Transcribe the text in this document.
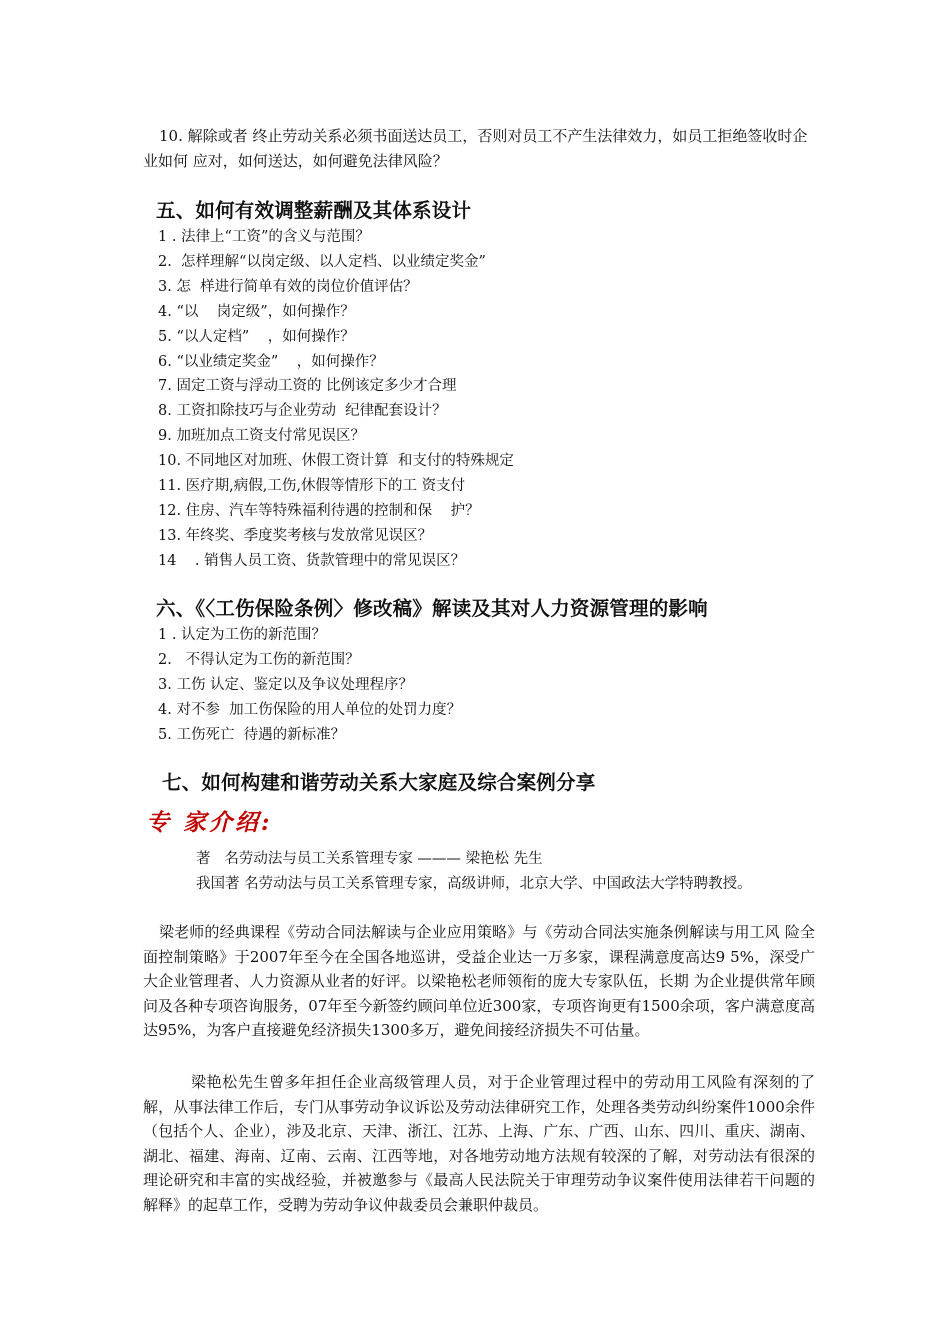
10. 解除或者 终止劳动关系必须书面送达员工，否则对员工不产生法律效力，如员工拒绝签收时企业如何 应对，如何送达，如何避免法律风险？

五、如何有效调整薪酬及其体系设计
1 . 法律上“工资”的含义与范围？
2.  怎样理解“以岗定级、以人定档、以业绩定奖金”
3. 怎  样进行简单有效的岗位价值评估？
4. “以    岗定级”，如何操作？
5. “以人定档”    ，如何操作？
6. “以业绩定奖金”    ，如何操作？
7. 固定工资与浮动工资的 比例该定多少才合理
8. 工资扣除技巧与企业劳动  纪律配套设计？
9. 加班加点工资支付常见误区？
10. 不同地区对加班、休假工资计算  和支付的特殊规定
11. 医疗期,病假,工伤,休假等情形下的工 资支付
12. 住房、汽车等特殊福利待遇的控制和保    护？
13. 年终奖、季度奖考核与发放常见误区？
14    . 销售人员工资、货款管理中的常见误区？
六、《〈工伤保险条例〉修改稿》解读及其对人力资源管理的影响
1 . 认定为工伤的新范围？
2.   不得认定为工伤的新范围？
3. 工伤 认定、鉴定以及争议处理程序？
4. 对不参  加工伤保险的用人单位的处罚力度？
5. 工伤死亡  待遇的新标准？
七、如何构建和谐劳动关系大家庭及综合案例分享
专 家介绍:

著   名劳动法与员工关系管理专家 ——— 梁艳松 先生

我国著 名劳动法与员工关系管理专家，高级讲师，北京大学、中国政法大学特聘教授。

梁老师的经典课程《劳动合同法解读与企业应用策略》与《劳动合同法实施条例解读与用工风 险全面控制策略》于2007年至今在全国各地巡讲，受益企业达一万多家，课程满意度高达9 5%，深受广大企业管理者、人力资源从业者的好评。以梁艳松老师领衔的庞大专家队伍，长期 为企业提供常年顾问及各种专项咨询服务，07年至今新签约顾问单位近300家，专项咨询更有1500余项，客户满意度高达95%，为客户直接避免经济损失1300多万，避免间接经济损失不可估量。

梁艳松先生曾多年担任企业高级管理人员，对于企业管理过程中的劳动用工风险有深刻的了解，从事法律工作后，专门从事劳动争议诉讼及劳动法律研究工作，处理各类劳动纠纷案件1000余件（包括个人、企业），涉及北京、天津、浙江、江苏、上海、广东、广西、山东、四川、重庆、湖南、湖北、福建、海南、辽南、云南、江西等地，对各地劳动地方法规有较深的了解，对劳动法有很深的理论研究和丰富的实战经验，并被邀参与《最高人民法院关于审理劳动争议案件使用法律若干问题的解释》的起草工作，受聘为劳动争议仲裁委员会兼职仲裁员。
